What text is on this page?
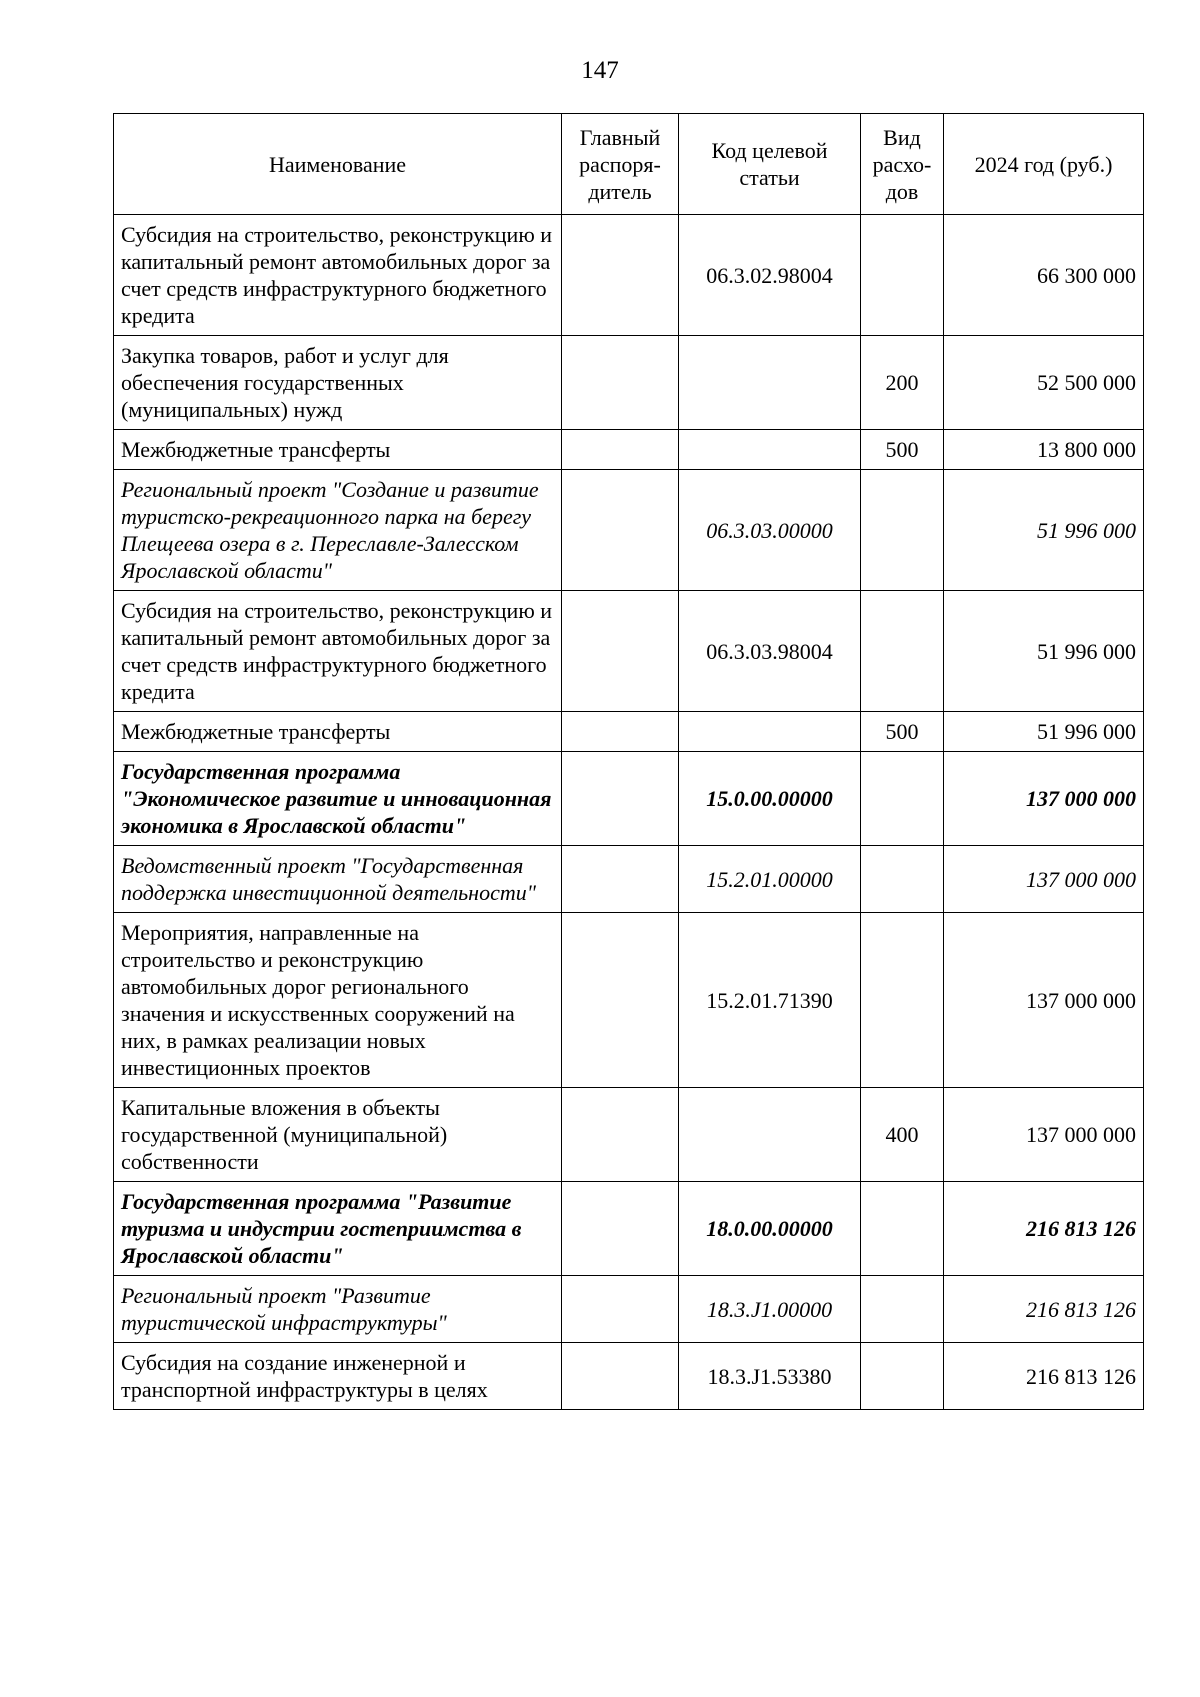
147
Наименование	Главный распоря-дитель	Код целевой статьи	Вид расхо-дов	2024 год (руб.)
Субсидия на строительство, реконструкцию и капитальный ремонт автомобильных дорог за счет средств инфраструктурного бюджетного кредита		06.3.02.98004		66 300 000
Закупка товаров, работ и услуг для обеспечения государственных (муниципальных) нужд			200	52 500 000
Межбюджетные трансферты			500	13 800 000
Региональный проект "Создание и развитие туристско-рекреационного парка на берегу Плещеева озера в г. Переславле-Залесском Ярославской области"		06.3.03.00000		51 996 000
Субсидия на строительство, реконструкцию и капитальный ремонт автомобильных дорог за счет средств инфраструктурного бюджетного кредита		06.3.03.98004		51 996 000
Межбюджетные трансферты			500	51 996 000
Государственная программа "Экономическое развитие и инновационная экономика в Ярославской области"		15.0.00.00000		137 000 000
Ведомственный проект "Государственная поддержка инвестиционной деятельности"		15.2.01.00000		137 000 000
Мероприятия, направленные на строительство и реконструкцию автомобильных дорог регионального значения и искусственных сооружений на них, в рамках реализации новых инвестиционных проектов		15.2.01.71390		137 000 000
Капитальные вложения в объекты государственной (муниципальной) собственности			400	137 000 000
Государственная программа "Развитие туризма и индустрии гостеприимства в Ярославской области"		18.0.00.00000		216 813 126
Региональный проект "Развитие туристической инфраструктуры"		18.3.J1.00000		216 813 126
Субсидия на создание инженерной и транспортной инфраструктуры в целях		18.3.J1.53380		216 813 126
